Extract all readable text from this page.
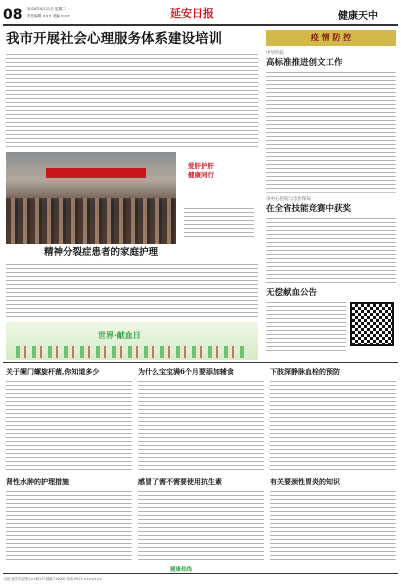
08 2020年4月21日 星期二
责任编辑 ××× 美编 ×××	延安日报	健康天中
我市开展社会心理服务体系建设培训
爱肝护肝 健康同行
疫 情 防 控
中华医院
高标准推进创文工作
市中心医院与市医保局
在全省技能竞赛中获奖
精神分裂症患者的家庭护理
无偿献血公告
世界·献血日
关于阑门螺旋杆菌,你知道多少	为什么宝宝满6个月要添加辅食	下肢深静脉血栓的预防
肾性水肿的护理措施	感冒了需不需要使用抗生素	有关要颈性胃炎的知识
健康热线
社址:延安市宝塔区××路×号 邮编:716000 电话:0911-×××××××
